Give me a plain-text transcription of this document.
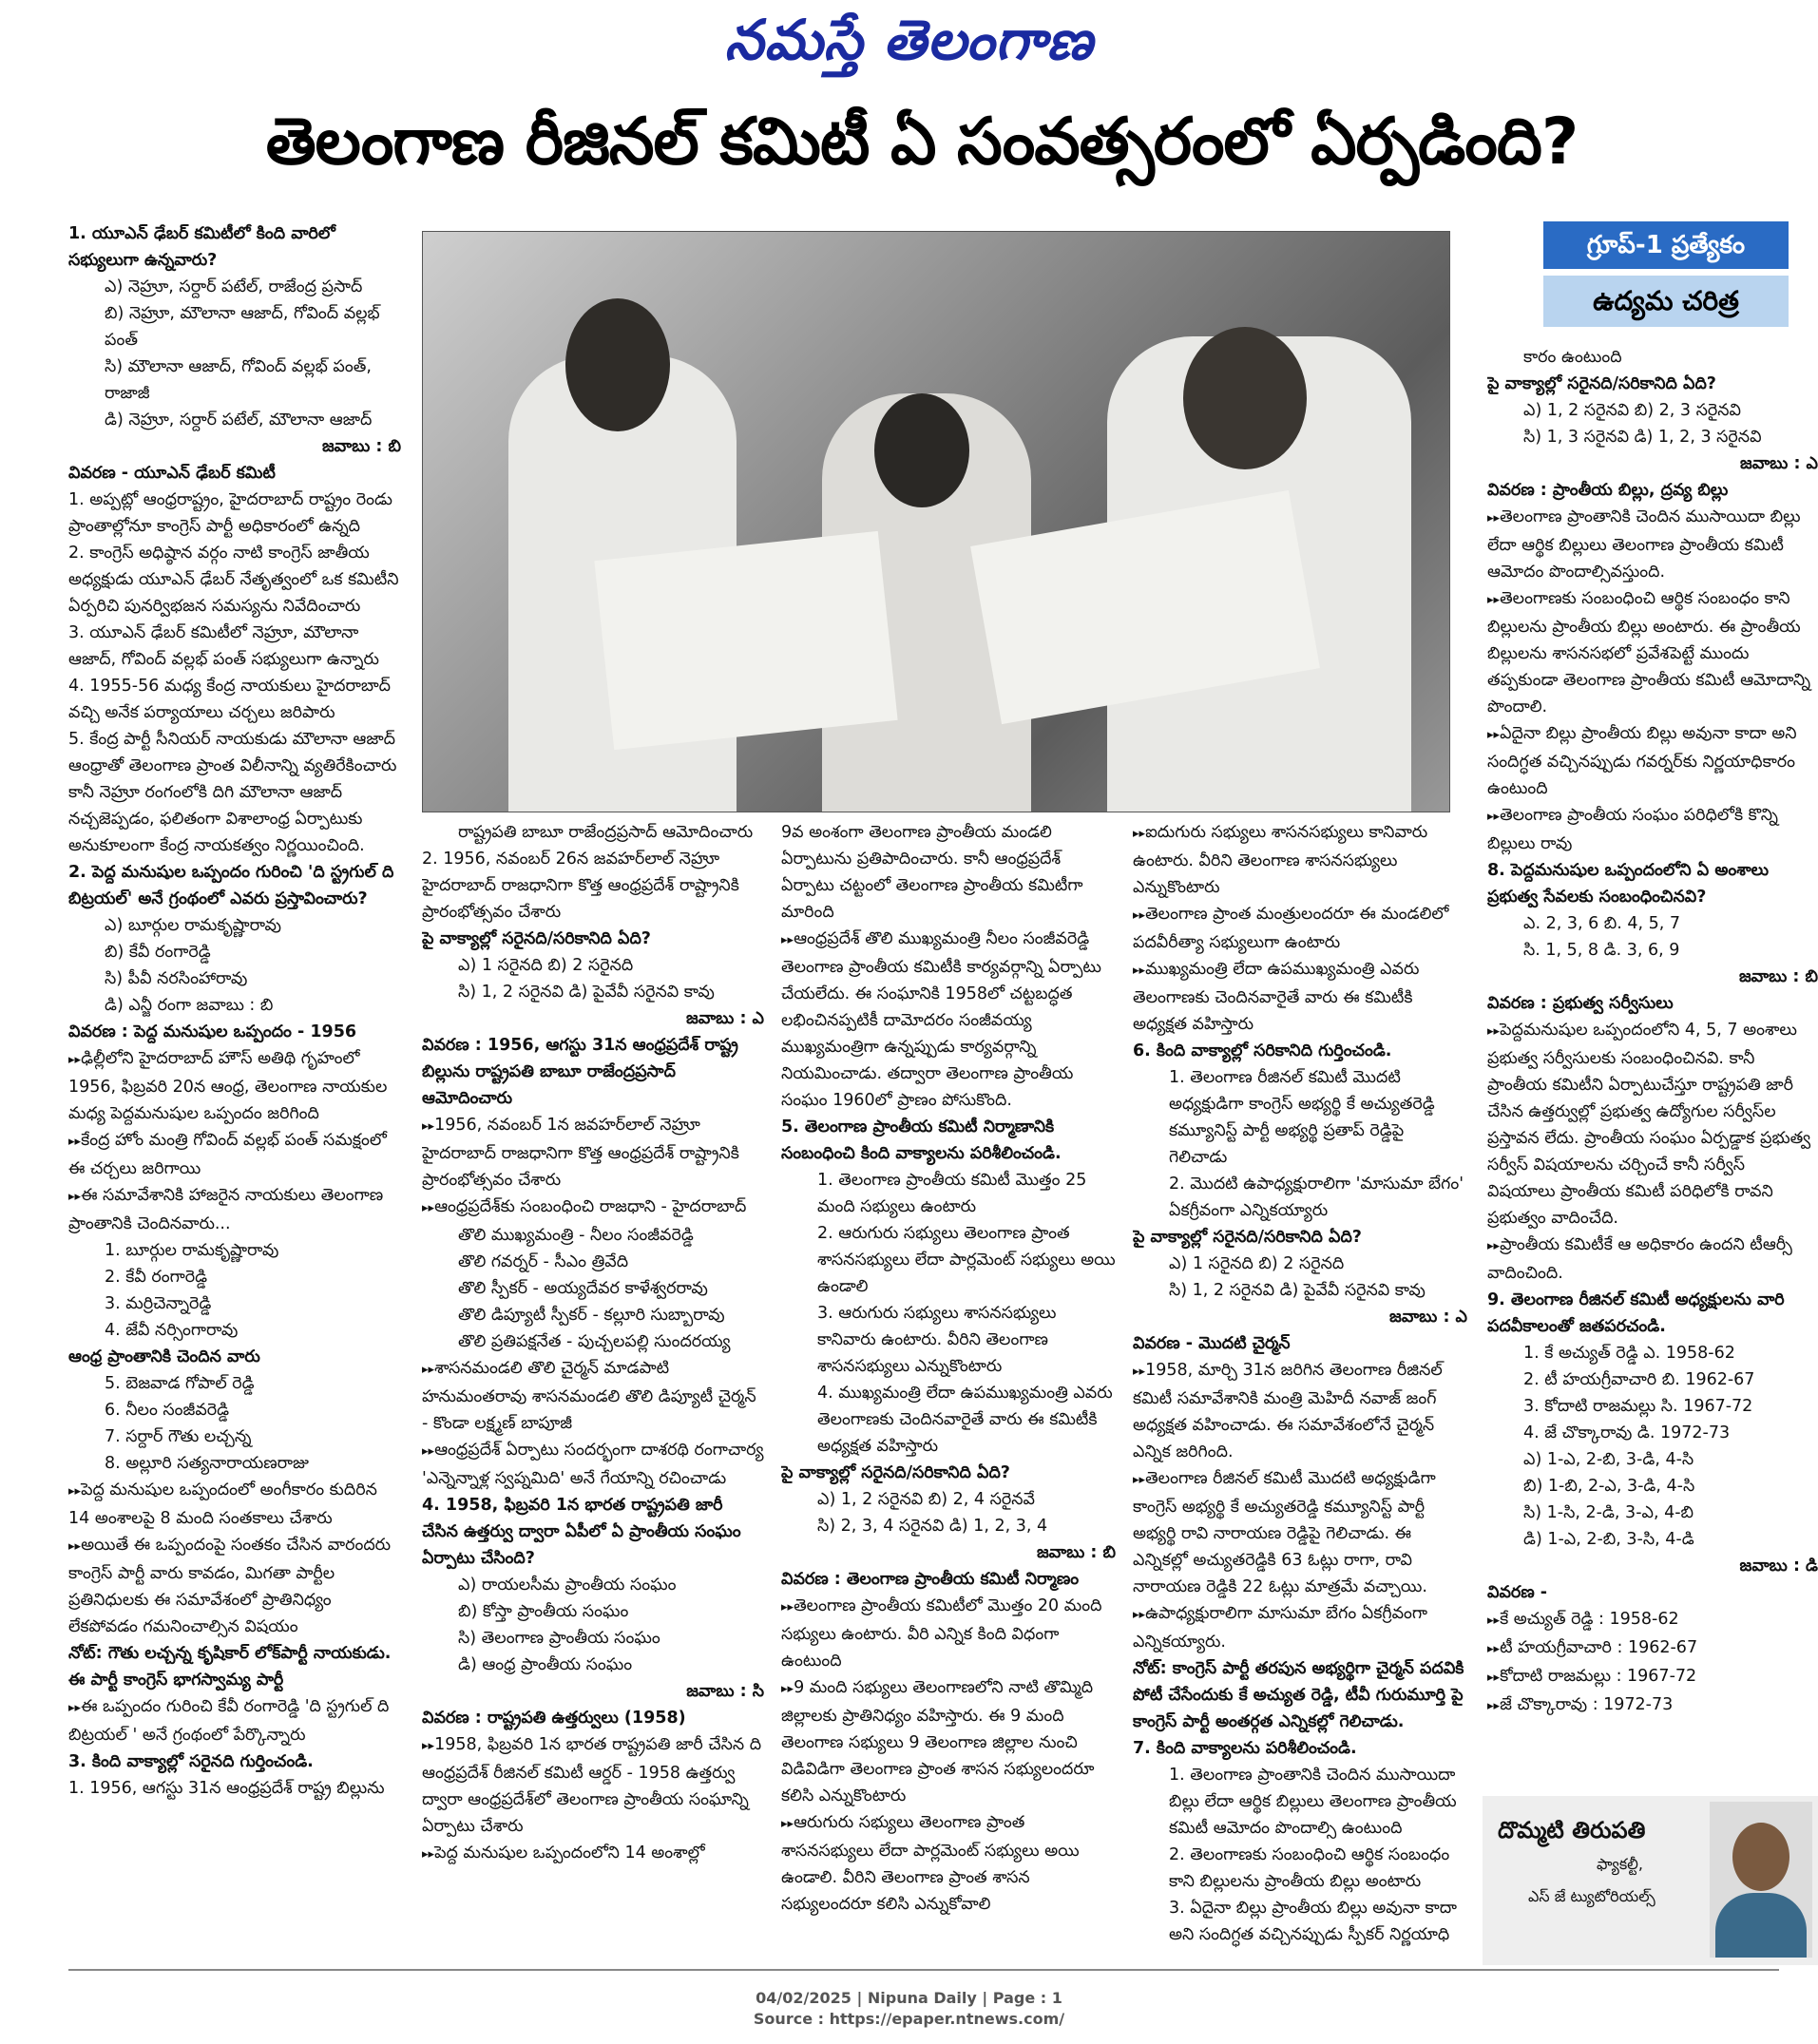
నమస్తే తెలంగాణ
తెలంగాణ రీజినల్ కమిటీ ఏ సంవత్సరంలో ఏర్పడింది?

1. యూఎన్ ఢేబర్ కమిటీలో కింది వారిలో సభ్యులుగా ఉన్నవారు?

ఎ) నెహ్రూ, సర్దార్ పటేల్, రాజేంద్ర ప్రసాద్

బి) నెహ్రూ, మౌలానా ఆజాద్, గోవింద్ వల్లభ్ పంత్

సి) మౌలానా ఆజాద్, గోవింద్ వల్లభ్ పంత్, రాజాజీ

డి) నెహ్రూ, సర్దార్ పటేల్, మౌలానా ఆజాద్

జవాబు : బి

వివరణ - యూఎన్ ఢేబర్ కమిటీ

1. అప్పట్లో ఆంధ్రరాష్ట్రం, హైదరాబాద్ రాష్ట్రం రెండు ప్రాంతాల్లోనూ కాంగ్రెస్ పార్టీ అధికారంలో ఉన్నది

2. కాంగ్రెస్ అధిష్ఠాన వర్గం నాటి కాంగ్రెస్ జాతీయ అధ్యక్షుడు యూఎన్ ఢేబర్ నేతృత్వంలో ఒక కమిటీని ఏర్పరిచి పునర్విభజన సమస్యను నివేదించారు

3. యూఎన్ ఢేబర్ కమిటీలో నెహ్రూ, మౌలానా ఆజాద్, గోవింద్ వల్లభ్ పంత్ సభ్యులుగా ఉన్నారు

4. 1955-56 మధ్య కేంద్ర నాయకులు హైదరాబాద్ వచ్చి అనేక పర్యాయాలు చర్చలు జరిపారు

5. కేంద్ర పార్టీ సీనియర్ నాయకుడు మౌలానా ఆజాద్ ఆంధ్రాతో తెలంగాణ ప్రాంత విలీనాన్ని వ్యతిరేకించారు కానీ నెహ్రూ రంగంలోకి దిగి మౌలానా ఆజాద్ నచ్చజెప్పడం, ఫలితంగా విశాలాంధ్ర ఏర్పాటుకు అనుకూలంగా కేంద్ర నాయకత్వం నిర్ణయించింది.

2. పెద్ద మనుషుల ఒప్పందం గురించి 'ది స్ట్రగుల్ ది బిట్రయల్' అనే గ్రంథంలో ఎవరు ప్రస్తావించారు?

ఎ) బూర్గుల రామకృష్ణారావు

బి) కేవీ రంగారెడ్డి

సి) పీవీ నరసింహారావు

డి) ఎన్జీ రంగా జవాబు : బి

వివరణ : పెద్ద మనుషుల ఒప్పందం - 1956

▸▸ ఢిల్లీలోని హైదరాబాద్ హౌస్ అతిథి గృహంలో 1956, ఫిబ్రవరి 20న ఆంధ్ర, తెలంగాణ నాయకుల మధ్య పెద్దమనుషుల ఒప్పందం జరిగింది

▸▸ కేంద్ర హోం మంత్రి గోవింద్ వల్లభ్ పంత్ సమక్షంలో ఈ చర్చలు జరిగాయి

▸▸ ఈ సమావేశానికి హాజరైన నాయకులు తెలంగాణ ప్రాంతానికి చెందినవారు...

1. బూర్గుల రామకృష్ణారావు

2. కేవీ రంగారెడ్డి

3. మర్రిచెన్నారెడ్డి

4. జేవీ నర్సింగారావు

ఆంధ్ర ప్రాంతానికి చెందిన వారు

5. బెజవాడ గోపాల్ రెడ్డి

6. నీలం సంజీవరెడ్డి

7. సర్దార్ గౌతు లచ్చన్న

8. అల్లూరి సత్యనారాయణరాజు

▸▸ పెద్ద మనుషుల ఒప్పందంలో అంగీకారం కుదిరిన 14 అంశాలపై 8 మంది సంతకాలు చేశారు

▸▸ అయితే ఈ ఒప్పందంపై సంతకం చేసిన వారందరు కాంగ్రెస్ పార్టీ వారు కావడం, మిగతా పార్టీల ప్రతినిధులకు ఈ సమావేశంలో ప్రాతినిధ్యం లేకపోవడం గమనించాల్సిన విషయం

నోట్: గౌతు లచ్చన్న కృషికార్ లోక్‌పార్టీ నాయకుడు. ఈ పార్టీ కాంగ్రెస్ భాగస్వామ్య పార్టీ

▸▸ ఈ ఒప్పందం గురించి కేవీ రంగారెడ్డి 'ది స్ట్రగుల్ ది బిట్రయల్ ' అనే గ్రంథంలో పేర్కొన్నారు

3. కింది వాక్యాల్లో సరైనది గుర్తించండి.

1. 1956, ఆగస్టు 31న ఆంధ్రప్రదేశ్ రాష్ట్ర బిల్లును

రాష్ట్రపతి బాబూ రాజేంద్రప్రసాద్ ఆమోదించారు

2. 1956, నవంబర్ 26న జవహర్‌లాల్ నెహ్రూ హైదరాబాద్ రాజధానిగా కొత్త ఆంధ్రప్రదేశ్ రాష్ట్రానికి ప్రారంభోత్సవం చేశారు

పై వాక్యాల్లో సరైనది/సరికానిది ఏది?

ఎ) 1 సరైనది బి) 2 సరైనది

సి) 1, 2 సరైనవి డి) పైవేవీ సరైనవి కావు

జవాబు : ఎ

వివరణ : 1956, ఆగస్టు 31న ఆంధ్రప్రదేశ్ రాష్ట్ర బిల్లును రాష్ట్రపతి బాబూ రాజేంద్రప్రసాద్ ఆమోదించారు

▸▸ 1956, నవంబర్ 1న జవహర్‌లాల్ నెహ్రూ హైదరాబాద్ రాజధానిగా కొత్త ఆంధ్రప్రదేశ్ రాష్ట్రానికి ప్రారంభోత్సవం చేశారు

▸▸ ఆంధ్రప్రదేశ్‌కు సంబంధించి రాజధాని - హైదరాబాద్

తొలి ముఖ్యమంత్రి - నీలం సంజీవరెడ్డి

తొలి గవర్నర్ - సీఎం త్రివేది

తొలి స్పీకర్ - అయ్యదేవర కాళేశ్వరరావు

తొలి డిప్యూటీ స్పీకర్ - కల్లూరి సుబ్బారావు

తొలి ప్రతిపక్షనేత - పుచ్చలపల్లి సుందరయ్య

▸▸ శాసనమండలి తొలి చైర్మన్ మాడపాటి హనుమంతరావు శాసనమండలి తొలి డిప్యూటీ చైర్మన్ - కొండా లక్ష్మణ్ బాపూజీ

▸▸ ఆంధ్రప్రదేశ్ ఏర్పాటు సందర్భంగా దాశరథి రంగాచార్య 'ఎన్నెన్నాళ్ల స్వప్నమిది' అనే గేయాన్ని రచించాడు

4. 1958, ఫిబ్రవరి 1న భారత రాష్ట్రపతి జారీ చేసిన ఉత్తర్వు ద్వారా ఏపీలో ఏ ప్రాంతీయ సంఘం ఏర్పాటు చేసింది?

ఎ) రాయలసీమ ప్రాంతీయ సంఘం

బి) కోస్తా ప్రాంతీయ సంఘం

సి) తెలంగాణ ప్రాంతీయ సంఘం

డి) ఆంధ్ర ప్రాంతీయ సంఘం

జవాబు : సి

వివరణ : రాష్ట్రపతి ఉత్తర్వులు (1958)

▸▸ 1958, ఫిబ్రవరి 1న భారత రాష్ట్రపతి జారీ చేసిన ది ఆంధ్రప్రదేశ్ రీజినల్ కమిటీ ఆర్డర్ - 1958 ఉత్తర్వు ద్వారా ఆంధ్రప్రదేశ్‌లో తెలంగాణ ప్రాంతీయ సంఘాన్ని ఏర్పాటు చేశారు

▸▸ పెద్ద మనుషుల ఒప్పందంలోని 14 అంశాల్లో

9వ అంశంగా తెలంగాణ ప్రాంతీయ మండలి ఏర్పాటును ప్రతిపాదించారు. కానీ ఆంధ్రప్రదేశ్ ఏర్పాటు చట్టంలో తెలంగాణ ప్రాంతీయ కమిటీగా మారింది

▸▸ ఆంధ్రప్రదేశ్ తొలి ముఖ్యమంత్రి నీలం సంజీవరెడ్డి తెలంగాణ ప్రాంతీయ కమిటీకి కార్యవర్గాన్ని ఏర్పాటు చేయలేదు. ఈ సంఘానికి 1958లో చట్టబద్ధత లభించినప్పటికీ దామోదరం సంజీవయ్య ముఖ్యమంత్రిగా ఉన్నప్పుడు కార్యవర్గాన్ని నియమించాడు. తద్వారా తెలంగాణ ప్రాంతీయ సంఘం 1960లో ప్రాణం పోసుకొంది.

5. తెలంగాణ ప్రాంతీయ కమిటీ నిర్మాణానికి సంబంధించి కింది వాక్యాలను పరిశీలించండి.

1. తెలంగాణ ప్రాంతీయ కమిటీ మొత్తం 25 మంది సభ్యులు ఉంటారు

2. ఆరుగురు సభ్యులు తెలంగాణ ప్రాంత శాసనసభ్యులు లేదా పార్లమెంట్ సభ్యులు అయి ఉండాలి

3. ఆరుగురు సభ్యులు శాసనసభ్యులు కానివారు ఉంటారు. వీరిని తెలంగాణ శాసనసభ్యులు ఎన్నుకొంటారు

4. ముఖ్యమంత్రి లేదా ఉపముఖ్యమంత్రి ఎవరు తెలంగాణకు చెందినవారైతే వారు ఈ కమిటీకి అధ్యక్షత వహిస్తారు

పై వాక్యాల్లో సరైనది/సరికానిది ఏది?

ఎ) 1, 2 సరైనవి బి) 2, 4 సరైనవే

సి) 2, 3, 4 సరైనవి డి) 1, 2, 3, 4

జవాబు : బి

వివరణ : తెలంగాణ ప్రాంతీయ కమిటీ నిర్మాణం

▸▸ తెలంగాణ ప్రాంతీయ కమిటీలో మొత్తం 20 మంది సభ్యులు ఉంటారు. వీరి ఎన్నిక కింది విధంగా ఉంటుంది

▸▸ 9 మంది సభ్యులు తెలంగాణలోని నాటి తొమ్మిది జిల్లాలకు ప్రాతినిధ్యం వహిస్తారు. ఈ 9 మంది తెలంగాణ సభ్యులు 9 తెలంగాణ జిల్లాల నుంచి విడివిడిగా తెలంగాణ ప్రాంత శాసన సభ్యులందరూ కలిసి ఎన్నుకొంటారు

▸▸ ఆరుగురు సభ్యులు తెలంగాణ ప్రాంత శాసనసభ్యులు లేదా పార్లమెంట్ సభ్యులు అయి ఉండాలి. వీరిని తెలంగాణ ప్రాంత శాసన సభ్యులందరూ కలిసి ఎన్నుకోవాలి

▸▸ ఐదుగురు సభ్యులు శాసనసభ్యులు కానివారు ఉంటారు. వీరిని తెలంగాణ శాసనసభ్యులు ఎన్నుకొంటారు

▸▸ తెలంగాణ ప్రాంత మంత్రులందరూ ఈ మండలిలో పదవీరీత్యా సభ్యులుగా ఉంటారు

▸▸ ముఖ్యమంత్రి లేదా ఉపముఖ్యమంత్రి ఎవరు తెలంగాణకు చెందినవారైతే వారు ఈ కమిటీకి అధ్యక్షత వహిస్తారు

6. కింది వాక్యాల్లో సరికానిది గుర్తించండి.

1. తెలంగాణ రీజినల్ కమిటీ మొదటి అధ్యక్షుడిగా కాంగ్రెస్ అభ్యర్థి కే అచ్యుతరెడ్డి కమ్యూనిస్ట్ పార్టీ అభ్యర్థి ప్రతాప్ రెడ్డిపై గెలిచాడు

2. మొదటి ఉపాధ్యక్షురాలిగా 'మాసుమా బేగం' ఏకగ్రీవంగా ఎన్నికయ్యారు

పై వాక్యాల్లో సరైనది/సరికానిది ఏది?

ఎ) 1 సరైనది బి) 2 సరైనది

సి) 1, 2 సరైనవి డి) పైవేవీ సరైనవి కావు

జవాబు : ఎ

వివరణ - మొదటి చైర్మన్

▸▸ 1958, మార్చి 31న జరిగిన తెలంగాణ రీజినల్ కమిటీ సమావేశానికి మంత్రి మెహిదీ నవాజ్ జంగ్ అధ్యక్షత వహించాడు. ఈ సమావేశంలోనే చైర్మన్ ఎన్నిక జరిగింది.

▸▸ తెలంగాణ రీజినల్ కమిటీ మొదటి అధ్యక్షుడిగా కాంగ్రెస్ అభ్యర్థి కే అచ్యుతరెడ్డి కమ్యూనిస్ట్ పార్టీ అభ్యర్థి రావి నారాయణ రెడ్డిపై గెలిచాడు. ఈ ఎన్నికల్లో అచ్యుతరెడ్డికి 63 ఓట్లు రాగా, రావి నారాయణ రెడ్డికి 22 ఓట్లు మాత్రమే వచ్చాయి.

▸▸ ఉపాధ్యక్షురాలిగా మాసుమా బేగం ఏకగ్రీవంగా ఎన్నికయ్యారు.

నోట్: కాంగ్రెస్ పార్టీ తరపున అభ్యర్థిగా చైర్మన్ పదవికి పోటీ చేసేందుకు కే అచ్యుత రెడ్డి, టీవీ గురుమూర్తి పై కాంగ్రెస్ పార్టీ అంతర్గత ఎన్నికల్లో గెలిచాడు.

7. కింది వాక్యాలను పరిశీలించండి.

1. తెలంగాణ ప్రాంతానికి చెందిన ముసాయిదా బిల్లు లేదా ఆర్థిక బిల్లులు తెలంగాణ ప్రాంతీయ కమిటీ ఆమోదం పొందాల్సి ఉంటుంది

2. తెలంగాణకు సంబంధించి ఆర్థిక సంబంధం కాని బిల్లులను ప్రాంతీయ బిల్లు అంటారు

3. ఏదైనా బిల్లు ప్రాంతీయ బిల్లు అవునా కాదా అని సందిగ్ధత వచ్చినప్పుడు స్పీకర్ నిర్ణయాధి

కారం ఉంటుంది

పై వాక్యాల్లో సరైనది/సరికానిది ఏది?

ఎ) 1, 2 సరైనవి బి) 2, 3 సరైనవి

సి) 1, 3 సరైనవి డి) 1, 2, 3 సరైనవి

జవాబు : ఎ

వివరణ : ప్రాంతీయ బిల్లు, ద్రవ్య బిల్లు

▸▸ తెలంగాణ ప్రాంతానికి చెందిన ముసాయిదా బిల్లు లేదా ఆర్థిక బిల్లులు తెలంగాణ ప్రాంతీయ కమిటీ ఆమోదం పొందాల్సివస్తుంది.

▸▸ తెలంగాణకు సంబంధించి ఆర్థిక సంబంధం కాని బిల్లులను ప్రాంతీయ బిల్లు అంటారు. ఈ ప్రాంతీయ బిల్లులను శాసనసభలో ప్రవేశపెట్టే ముందు తప్పకుండా తెలంగాణ ప్రాంతీయ కమిటీ ఆమోదాన్ని పొందాలి.

▸▸ ఏదైనా బిల్లు ప్రాంతీయ బిల్లు అవునా కాదా అని సందిగ్ధత వచ్చినప్పుడు గవర్నర్‌కు నిర్ణయాధికారం ఉంటుంది

▸▸ తెలంగాణ ప్రాంతీయ సంఘం పరిధిలోకి కొన్ని బిల్లులు రావు

8. పెద్దమనుషుల ఒప్పందంలోని ఏ అంశాలు ప్రభుత్వ సేవలకు సంబంధించినవి?

ఎ. 2, 3, 6 బి. 4, 5, 7

సి. 1, 5, 8 డి. 3, 6, 9

జవాబు : బి

వివరణ : ప్రభుత్వ సర్వీసులు

▸▸ పెద్దమనుషుల ఒప్పందంలోని 4, 5, 7 అంశాలు ప్రభుత్వ సర్వీసులకు సంబంధించినవి. కానీ ప్రాంతీయ కమిటీని ఏర్పాటుచేస్తూ రాష్ట్రపతి జారీ చేసిన ఉత్తర్వుల్లో ప్రభుత్వ ఉద్యోగుల సర్వీస్‌ల ప్రస్తావన లేదు. ప్రాంతీయ సంఘం ఏర్పడ్డాక ప్రభుత్వ సర్వీస్ విషయాలను చర్చించే కానీ సర్వీస్ విషయాలు ప్రాంతీయ కమిటీ పరిధిలోకి రావని ప్రభుత్వం వాదించేది.

▸▸ ప్రాంతీయ కమిటీకే ఆ అధికారం ఉందని టీఆర్సీ వాదించింది.

9. తెలంగాణ రీజినల్ కమిటీ అధ్యక్షులను వారి పదవీకాలంతో జతపరచండి.

1. కే అచ్యుత్ రెడ్డి ఎ. 1958-62

2. టీ హయగ్రీవాచారి బి. 1962-67

3. కోదాటి రాజమల్లు సి. 1967-72

4. జే చొక్కారావు డి. 1972-73

ఎ) 1-ఎ, 2-బి, 3-డి, 4-సి

బి) 1-బి, 2-ఎ, 3-డి, 4-సి

సి) 1-సి, 2-డి, 3-ఎ, 4-బి

డి) 1-ఎ, 2-బి, 3-సి, 4-డి

జవాబు : డి

వివరణ -

▸▸ కే అచ్యుత్ రెడ్డి : 1958-62

▸▸ టీ హయగ్రీవాచారి : 1962-67

▸▸ కోదాటి రాజమల్లు : 1967-72

▸▸ జే చొక్కారావు : 1972-73

గ్రూప్-1 ప్రత్యేకం
ఉద్యమ చరిత్ర
దొమ్మటి తిరుపతి
ఫ్యాకల్టీ,
ఎస్ జే ట్యుటోరియల్స్
04/02/2025 | Nipuna Daily | Page : 1
Source : https://epaper.ntnews.com/
